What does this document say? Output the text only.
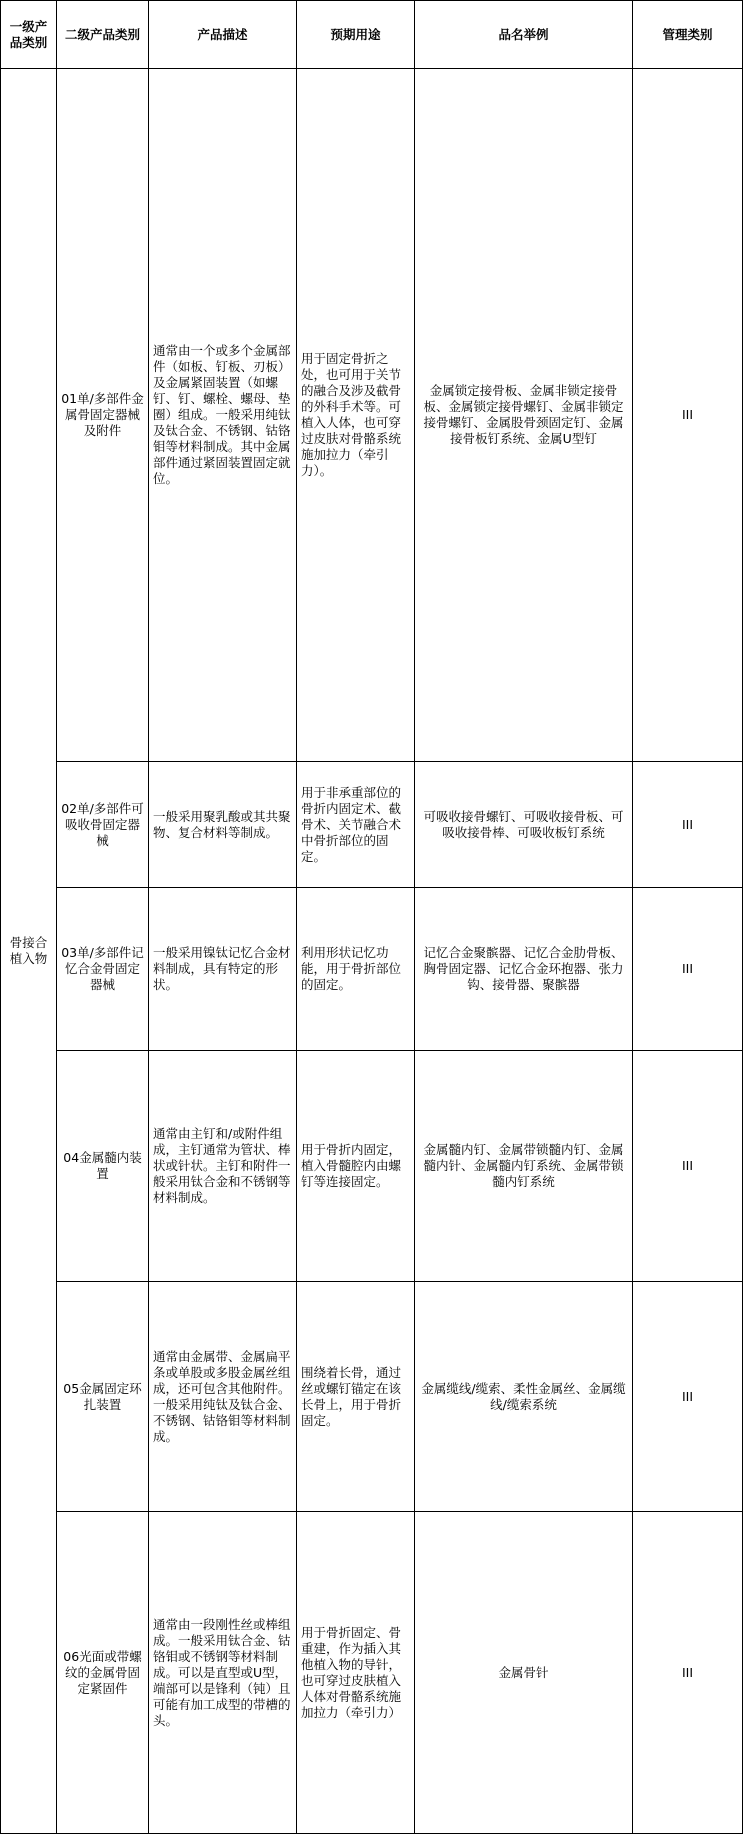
一级产品类别	二级产品类别	产品描述	预期用途	品名举例	管理类别
骨接合植入物	01单/多部件金属骨固定器械及附件	通常由一个或多个金属部件（如板、钉板、刃板）及金属紧固装置（如螺钉、钉、螺栓、螺母、垫圈）组成。一般采用纯钛及钛合金、不锈钢、钴铬钼等材料制成。其中金属部件通过紧固装置固定就位。	用于固定骨折之处，也可用于关节的融合及涉及截骨的外科手术等。可植入人体，也可穿过皮肤对骨骼系统施加拉力（牵引力）。	金属锁定接骨板、金属非锁定接骨板、金属锁定接骨螺钉、金属非锁定接骨螺钉、金属股骨颈固定钉、金属接骨板钉系统、金属U型钉	III
	02单/多部件可吸收骨固定器械	一般采用聚乳酸或其共聚物、复合材料等制成。	用于非承重部位的骨折内固定术、截骨术、关节融合术中骨折部位的固定。	可吸收接骨螺钉、可吸收接骨板、可吸收接骨棒、可吸收板钉系统	III
	03单/多部件记忆合金骨固定器械	一般采用镍钛记忆合金材料制成，具有特定的形状。	利用形状记忆功能，用于骨折部位的固定。	记忆合金聚髌器、记忆合金肋骨板、胸骨固定器、记忆合金环抱器、张力钩、接骨器、聚髌器	III
	04金属髓内装置	通常由主钉和/或附件组成，主钉通常为管状、棒状或针状。主钉和附件一般采用钛合金和不锈钢等材料制成。	用于骨折内固定，植入骨髓腔内由螺钉等连接固定。	金属髓内钉、金属带锁髓内钉、金属髓内针、金属髓内钉系统、金属带锁髓内钉系统	III
	05金属固定环扎装置	通常由金属带、金属扁平条或单股或多股金属丝组成，还可包含其他附件。一般采用纯钛及钛合金、不锈钢、钴铬钼等材料制成。	围绕着长骨，通过丝或螺钉锚定在该长骨上，用于骨折固定。	金属缆线/缆索、柔性金属丝、金属缆线/缆索系统	III
	06光面或带螺纹的金属骨固定紧固件	通常由一段刚性丝或棒组成。一般采用钛合金、钴铬钼或不锈钢等材料制成。可以是直型或U型，端部可以是锋利（钝）且可能有加工成型的带槽的头。	用于骨折固定、骨重建，作为插入其他植入物的导针，也可穿过皮肤植入人体对骨骼系统施加拉力（牵引力）	金属骨针	III
